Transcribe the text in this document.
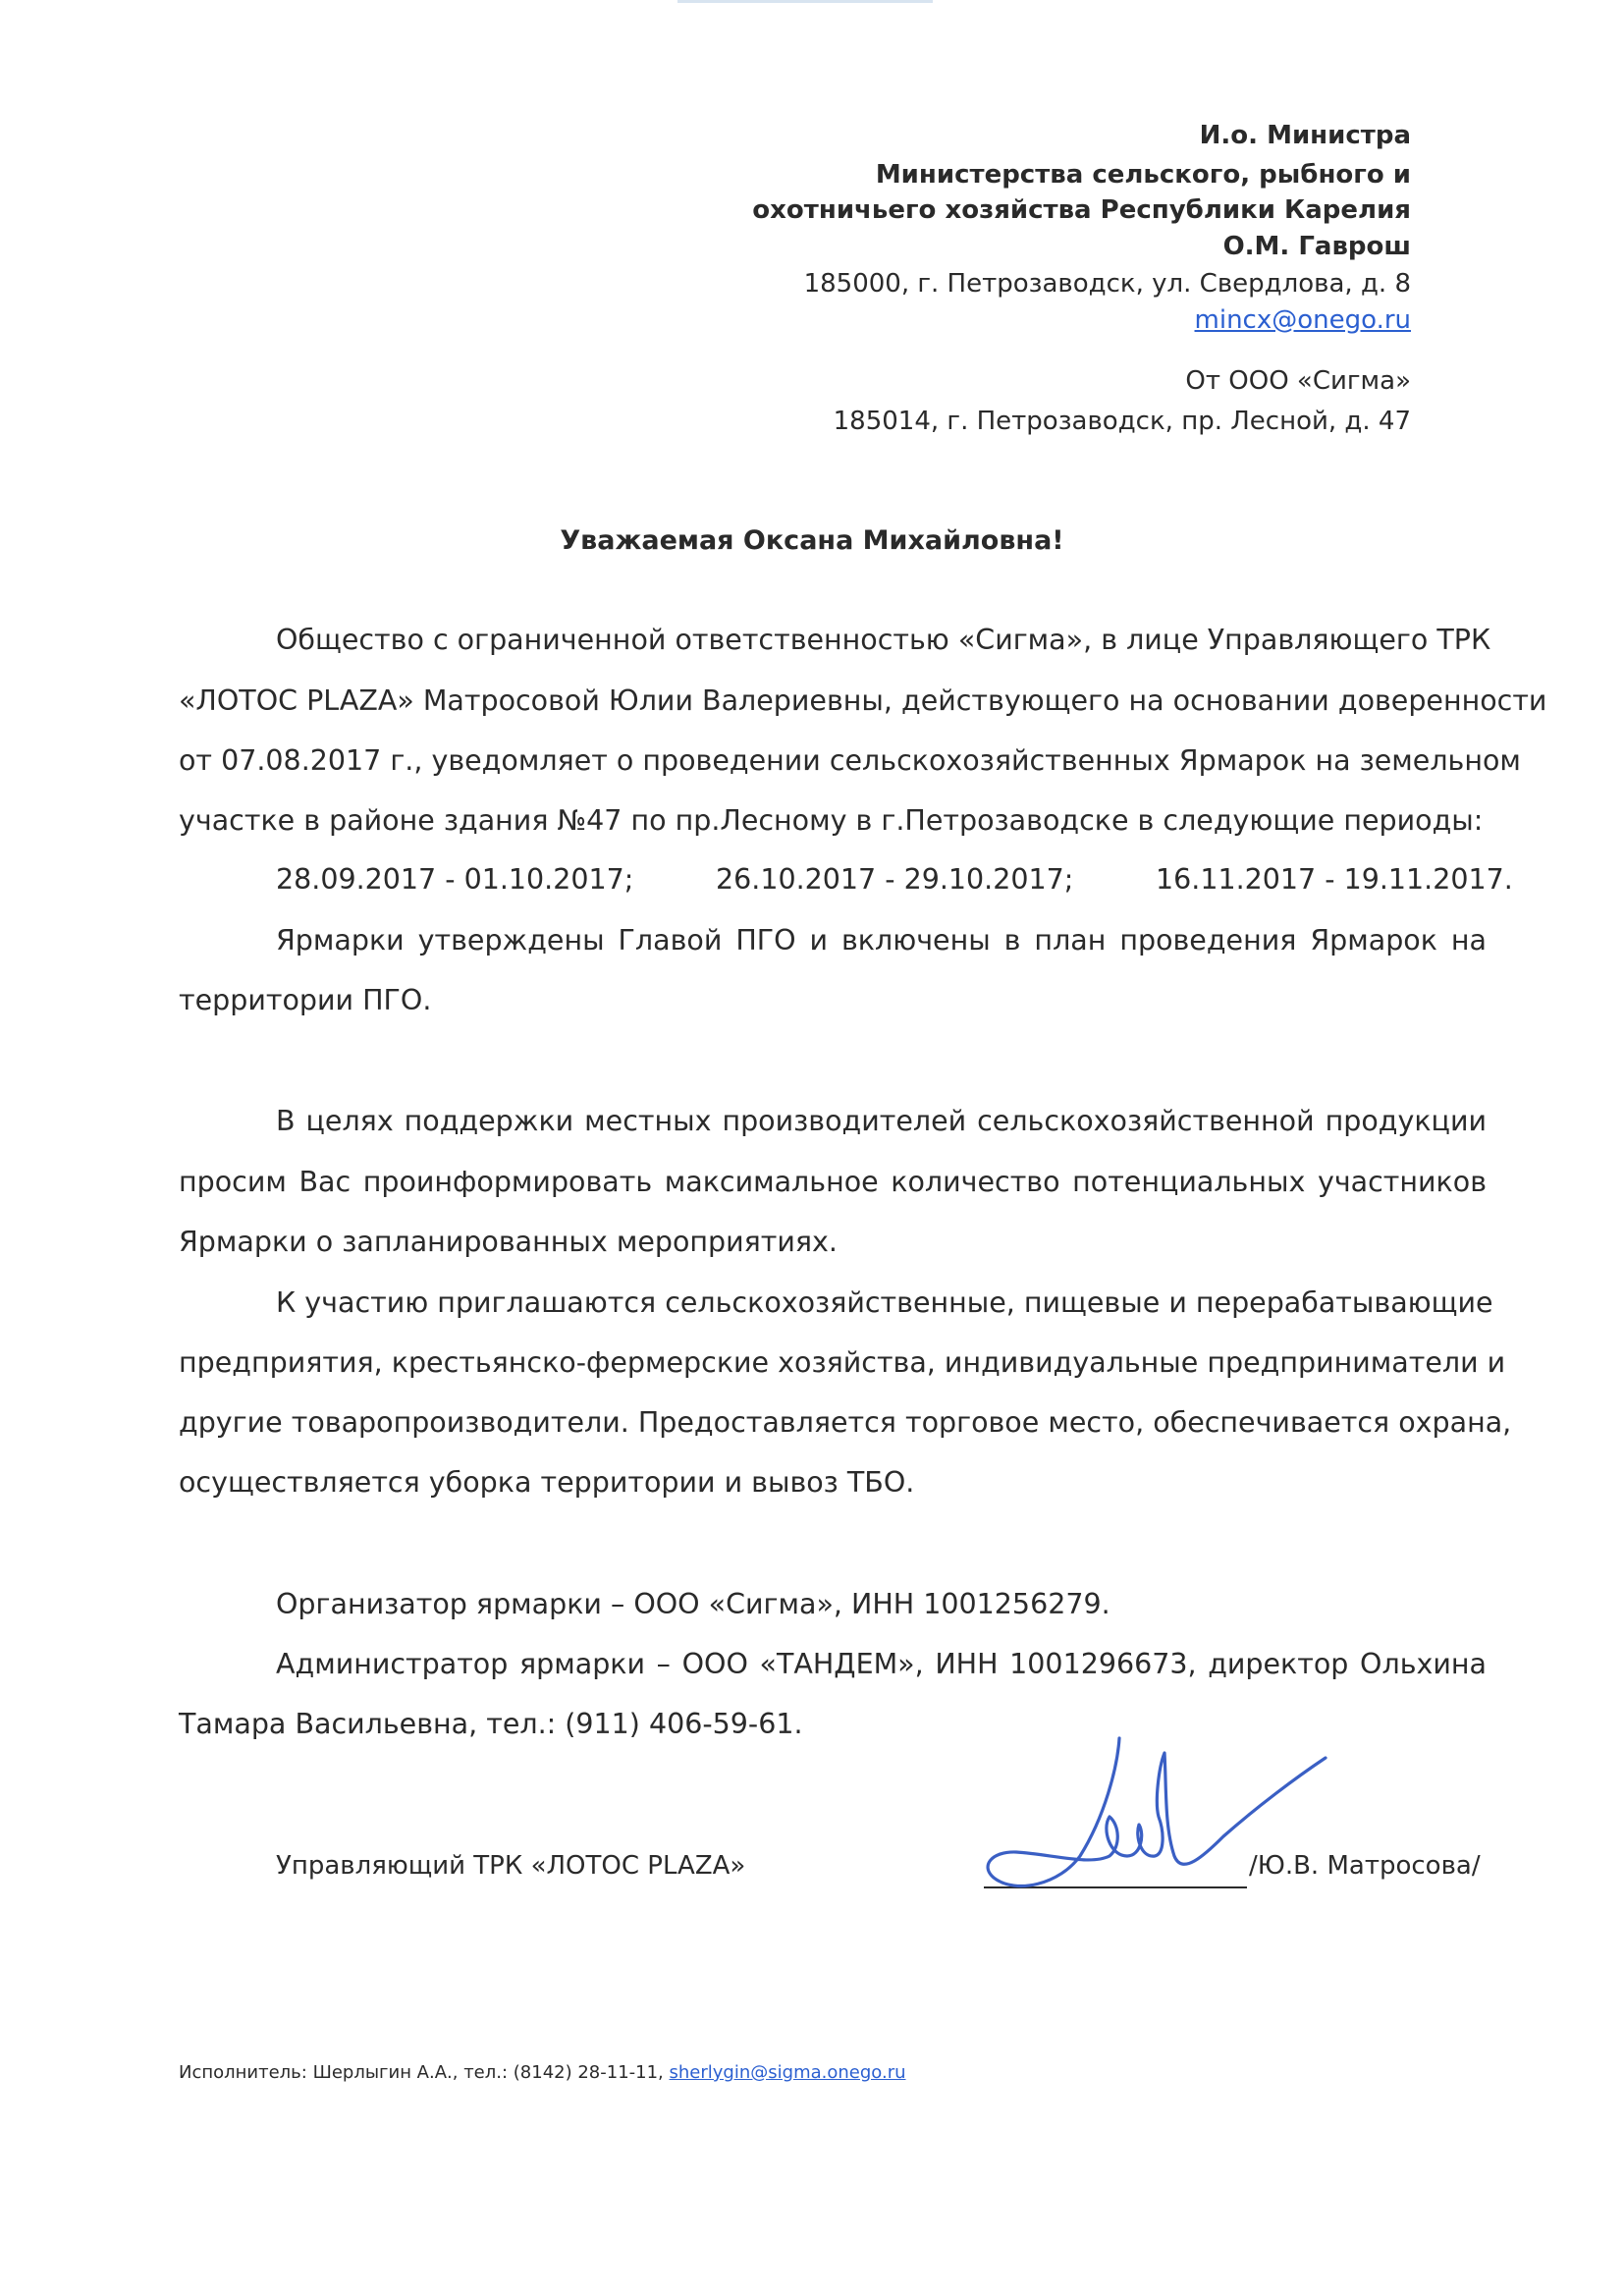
И.о. Министра
Министерства сельского, рыбного и
охотничьего хозяйства Республики Карелия
О.М. Гаврош
185000, г. Петрозаводск, ул. Свердлова, д. 8
mincx@onego.ru
От ООО «Сигма»
185014, г. Петрозаводск, пр. Лесной, д. 47
Уважаемая Оксана Михайловна!
Общество с ограниченной ответственностью «Сигма», в лице Управляющего ТРК
«ЛОТОС PLAZA» Матросовой Юлии Валериевны, действующего на основании доверенности
от 07.08.2017 г., уведомляет о проведении сельскохозяйственных Ярмарок на земельном
участке в районе здания №47 по пр.Лесному в г.Петрозаводске в следующие периоды:
28.09.2017 - 01.10.2017;	26.10.2017 - 29.10.2017;	16.11.2017 - 19.11.2017.
Ярмарки утверждены Главой ПГО и включены в план проведения Ярмарок на
территории ПГО.
В целях поддержки местных производителей сельскохозяйственной продукции
просим Вас проинформировать максимальное количество потенциальных участников
Ярмарки о запланированных мероприятиях.
К участию приглашаются сельскохозяйственные, пищевые и перерабатывающие
предприятия, крестьянско-фермерские хозяйства, индивидуальные предприниматели и
другие товаропроизводители. Предоставляется торговое место, обеспечивается охрана,
осуществляется уборка территории и вывоз ТБО.
Организатор ярмарки – ООО «Сигма», ИНН 1001256279.
Администратор ярмарки – ООО «ТАНДЕМ», ИНН 1001296673, директор Ольхина
Тамара Васильевна, тел.: (911) 406-59-61.
Управляющий ТРК «ЛОТОС PLAZA»	/Ю.В. Матросова/
Исполнитель: Шерлыгин А.А., тел.: (8142) 28-11-11, sherlygin@sigma.onego.ru
